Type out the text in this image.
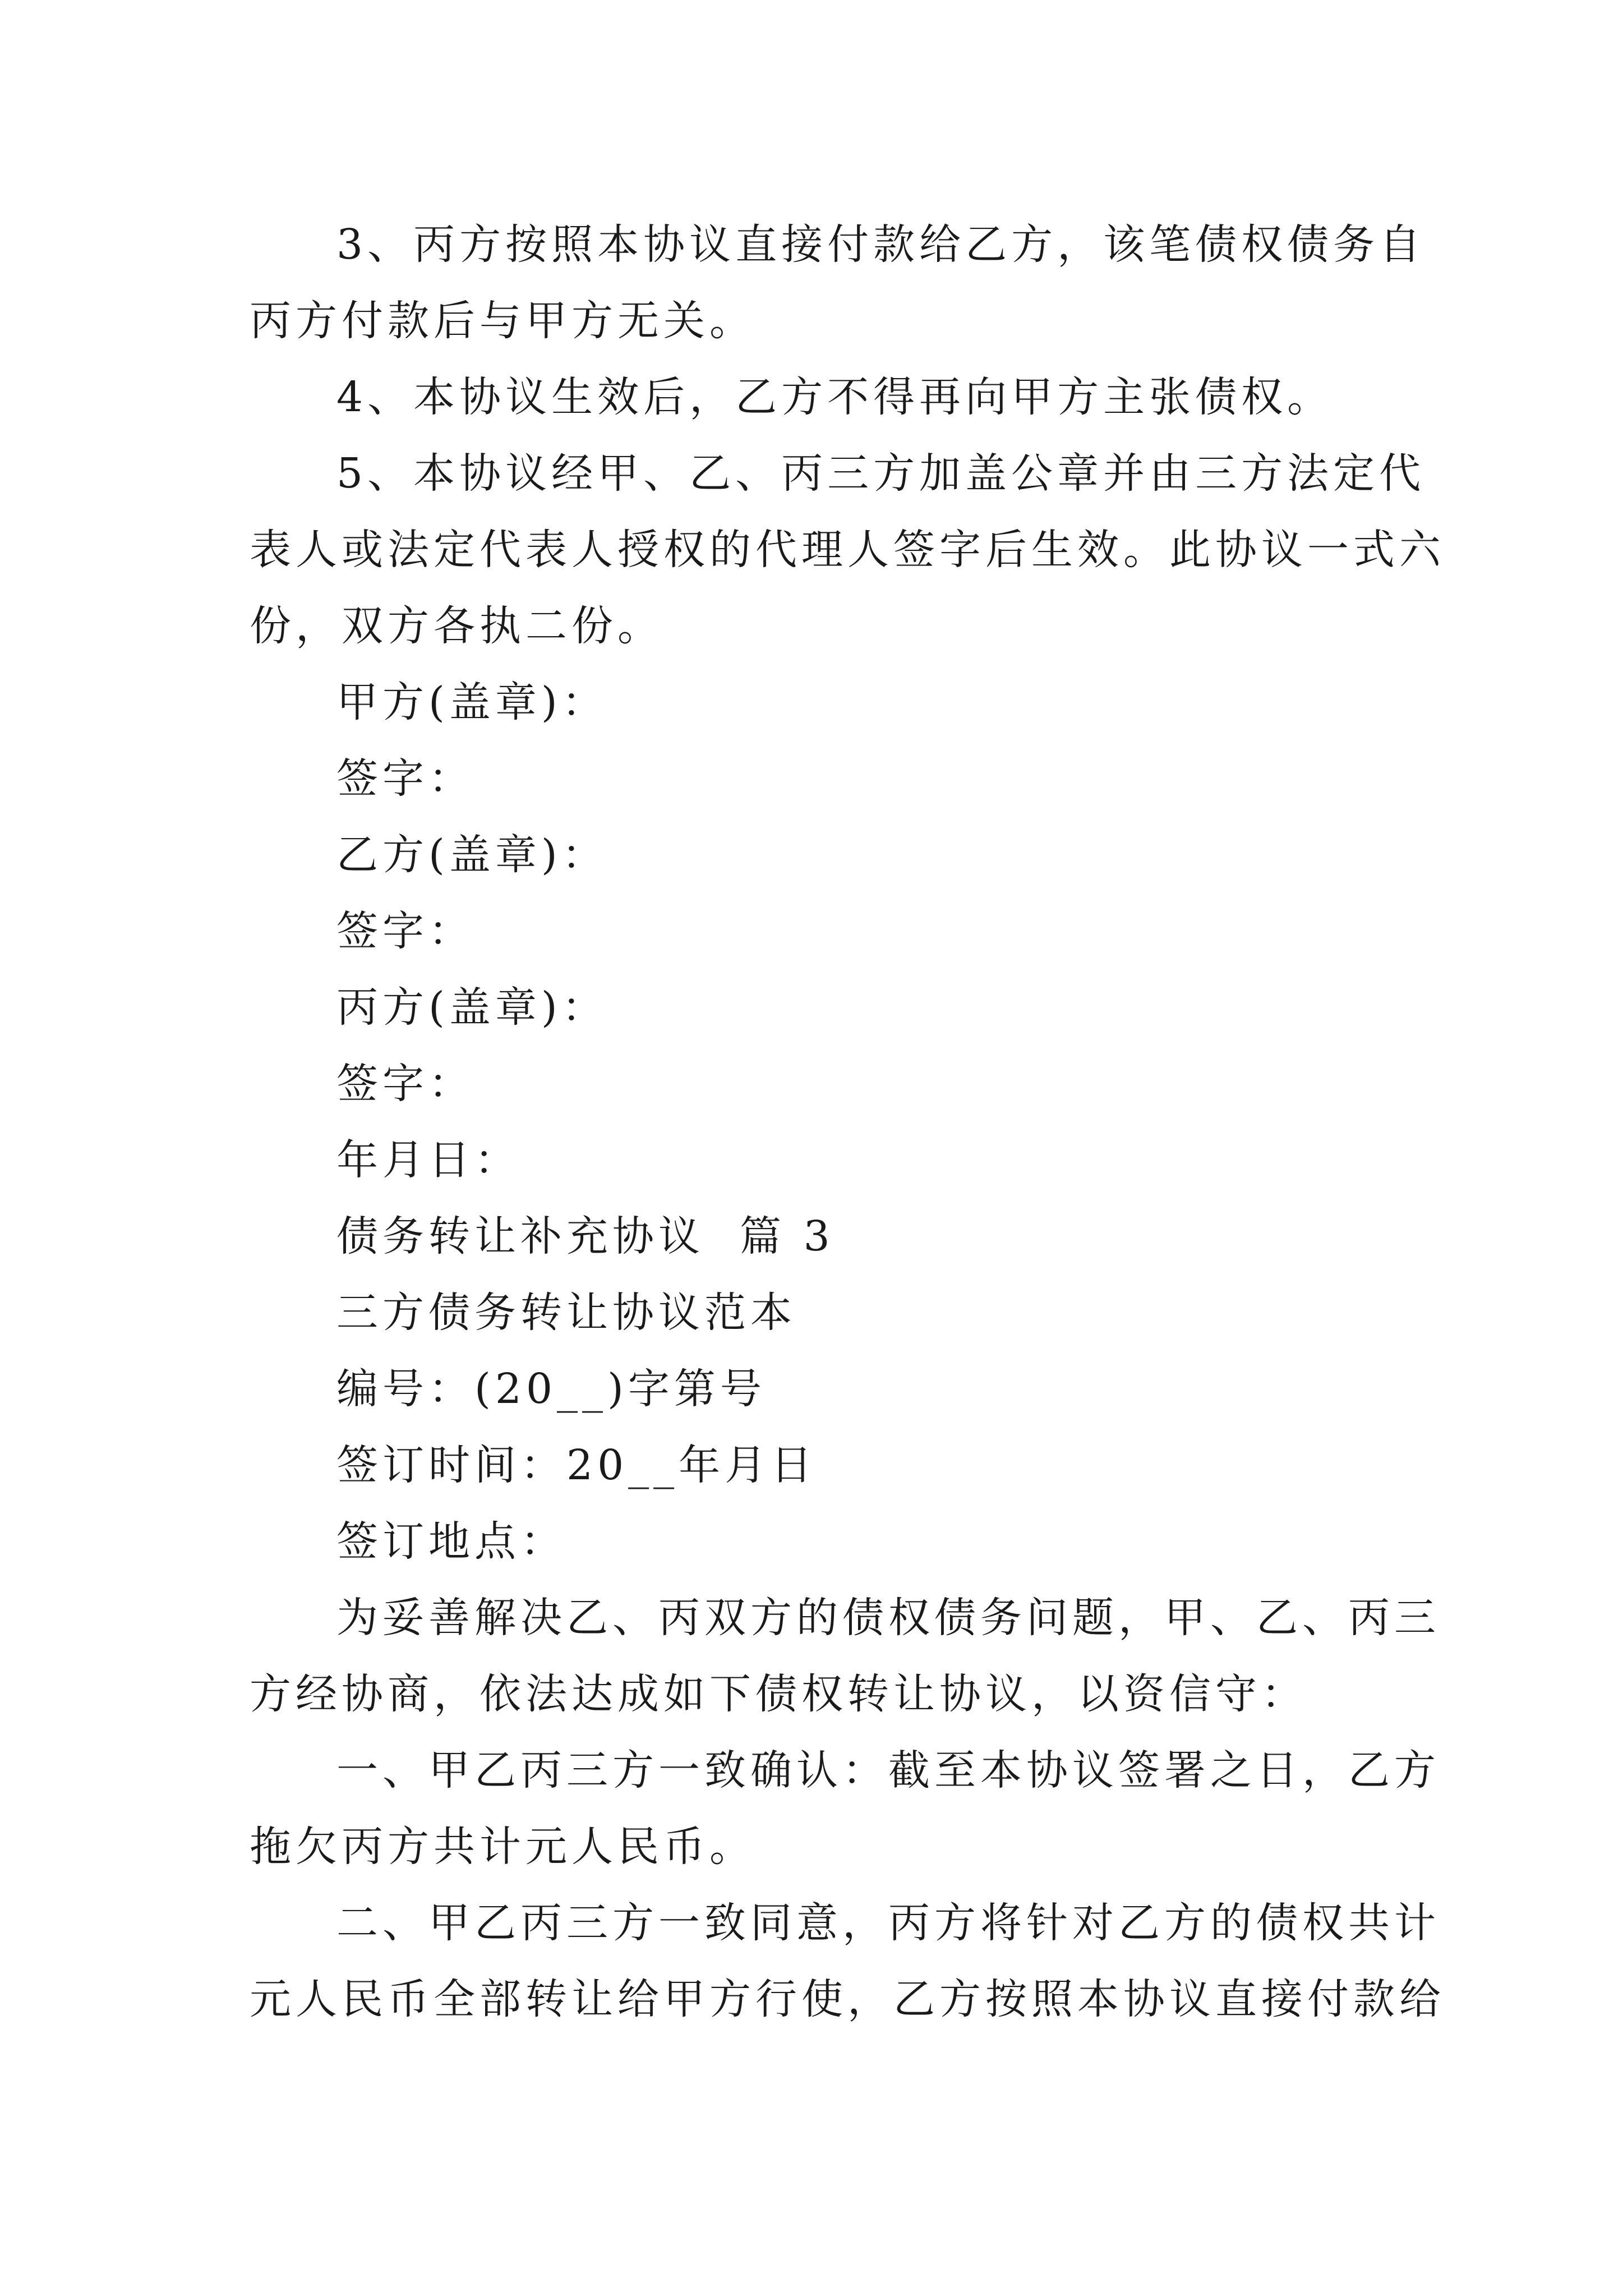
3、丙方按照本协议直接付款给乙方，该笔债权债务自

丙方付款后与甲方无关。

4、本协议生效后，乙方不得再向甲方主张债权。

5、本协议经甲、乙、丙三方加盖公章并由三方法定代

表人或法定代表人授权的代理人签字后生效。此协议一式六

份，双方各执二份。

甲方(盖章)：

签字：

乙方(盖章)：

签字：

丙方(盖章)：

签字：

年月日：

债务转让补充协议  篇 3

三方债务转让协议范本

编号：(20__)字第号

签订时间：20__年月日

签订地点：

为妥善解决乙、丙双方的债权债务问题，甲、乙、丙三

方经协商，依法达成如下债权转让协议，以资信守：

一、甲乙丙三方一致确认：截至本协议签署之日，乙方

拖欠丙方共计元人民币。

二、甲乙丙三方一致同意，丙方将针对乙方的债权共计

元人民币全部转让给甲方行使，乙方按照本协议直接付款给
